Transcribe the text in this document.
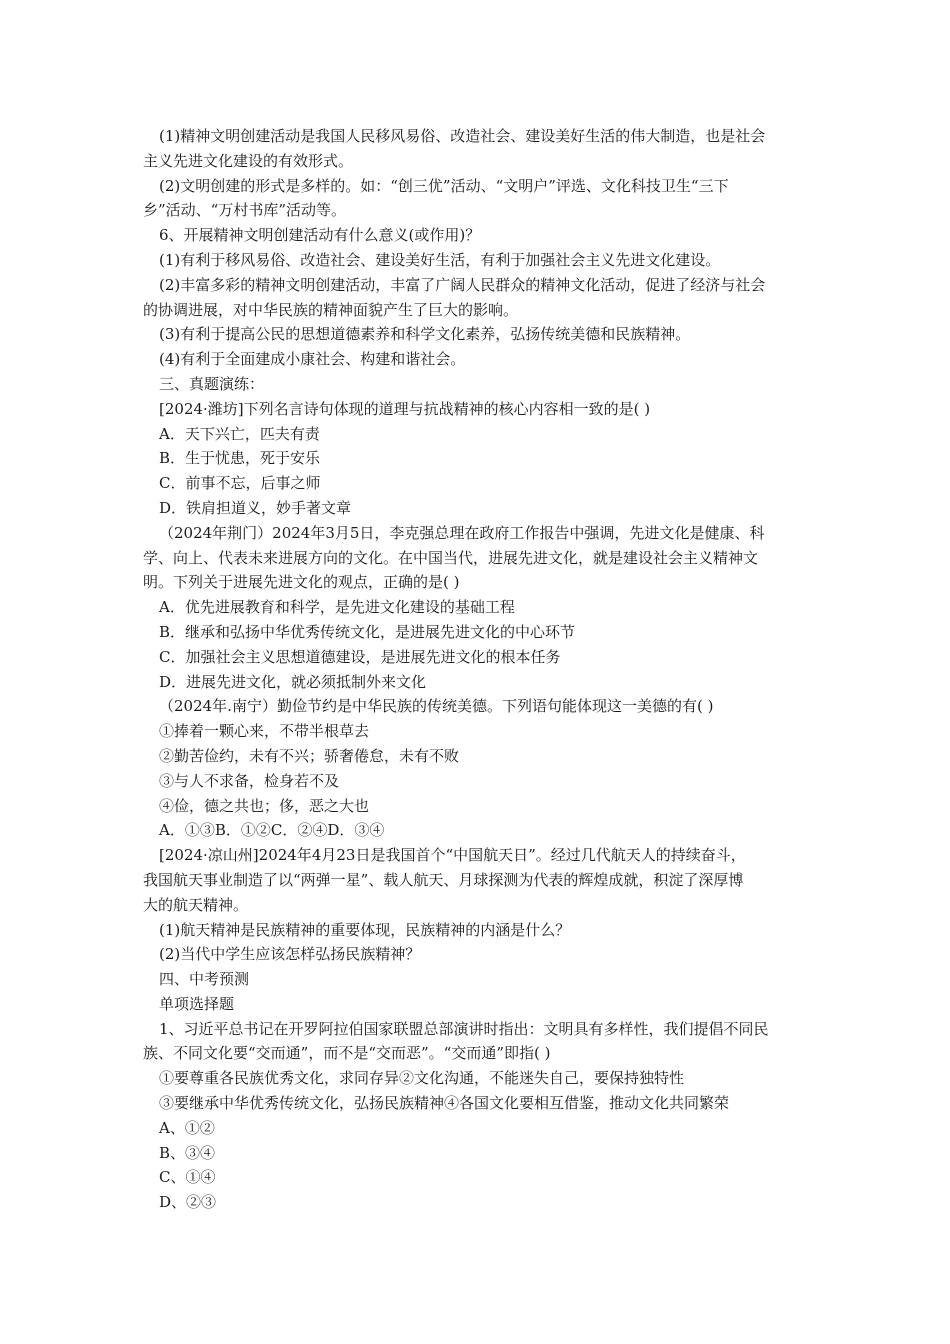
(1)精神文明创建活动是我国人民移风易俗、改造社会、建设美好生活的伟大制造，也是社会
主义先进文化建设的有效形式。
(2)文明创建的形式是多样的。如：“创三优”活动、“文明户”评选、文化科技卫生“三下
乡”活动、“万村书库”活动等。
6、开展精神文明创建活动有什么意义(或作用)？
(1)有利于移风易俗、改造社会、建设美好生活，有利于加强社会主义先进文化建设。
(2)丰富多彩的精神文明创建活动，丰富了广阔人民群众的精神文化活动，促进了经济与社会
的协调进展，对中华民族的精神面貌产生了巨大的影响。
(3)有利于提高公民的思想道德素养和科学文化素养，弘扬传统美德和民族精神。
(4)有利于全面建成小康社会、构建和谐社会。
三、真题演练：
[2024·潍坊]下列名言诗句体现的道理与抗战精神的核心内容相一致的是( )
A．天下兴亡，匹夫有责
B．生于忧患，死于安乐
C．前事不忘，后事之师
D．铁肩担道义，妙手著文章
（2024年荆门）2024年3月5日，李克强总理在政府工作报告中强调，先进文化是健康、科
学、向上、代表未来进展方向的文化。在中国当代，进展先进文化，就是建设社会主义精神文
明。下列关于进展先进文化的观点，正确的是( )
A．优先进展教育和科学，是先进文化建设的基础工程
B．继承和弘扬中华优秀传统文化，是进展先进文化的中心环节
C．加强社会主义思想道德建设，是进展先进文化的根本任务
D．进展先进文化，就必须抵制外来文化
（2024年.南宁）勤俭节约是中华民族的传统美德。下列语句能体现这一美德的有( )
①捧着一颗心来，不带半根草去
②勤苦俭约，未有不兴；骄奢倦怠，未有不败
③与人不求备，检身若不及
④俭，德之共也；侈，恶之大也
A．①③B．①②C．②④D．③④
[2024·凉山州]2024年4月23日是我国首个“中国航天日”。经过几代航天人的持续奋斗，
我国航天事业制造了以“两弹一星”、载人航天、月球探测为代表的辉煌成就，积淀了深厚博
大的航天精神。
(1)航天精神是民族精神的重要体现，民族精神的内涵是什么？
(2)当代中学生应该怎样弘扬民族精神？
四、中考预测
单项选择题
1、习近平总书记在开罗阿拉伯国家联盟总部演讲时指出：文明具有多样性，我们提倡不同民
族、不同文化要“交而通”，而不是“交而恶”。“交而通”即指( )
①要尊重各民族优秀文化，求同存异②文化沟通，不能迷失自己，要保持独特性
③要继承中华优秀传统文化，弘扬民族精神④各国文化要相互借鉴，推动文化共同繁荣
A、①②
B、③④
C、①④
D、②③
